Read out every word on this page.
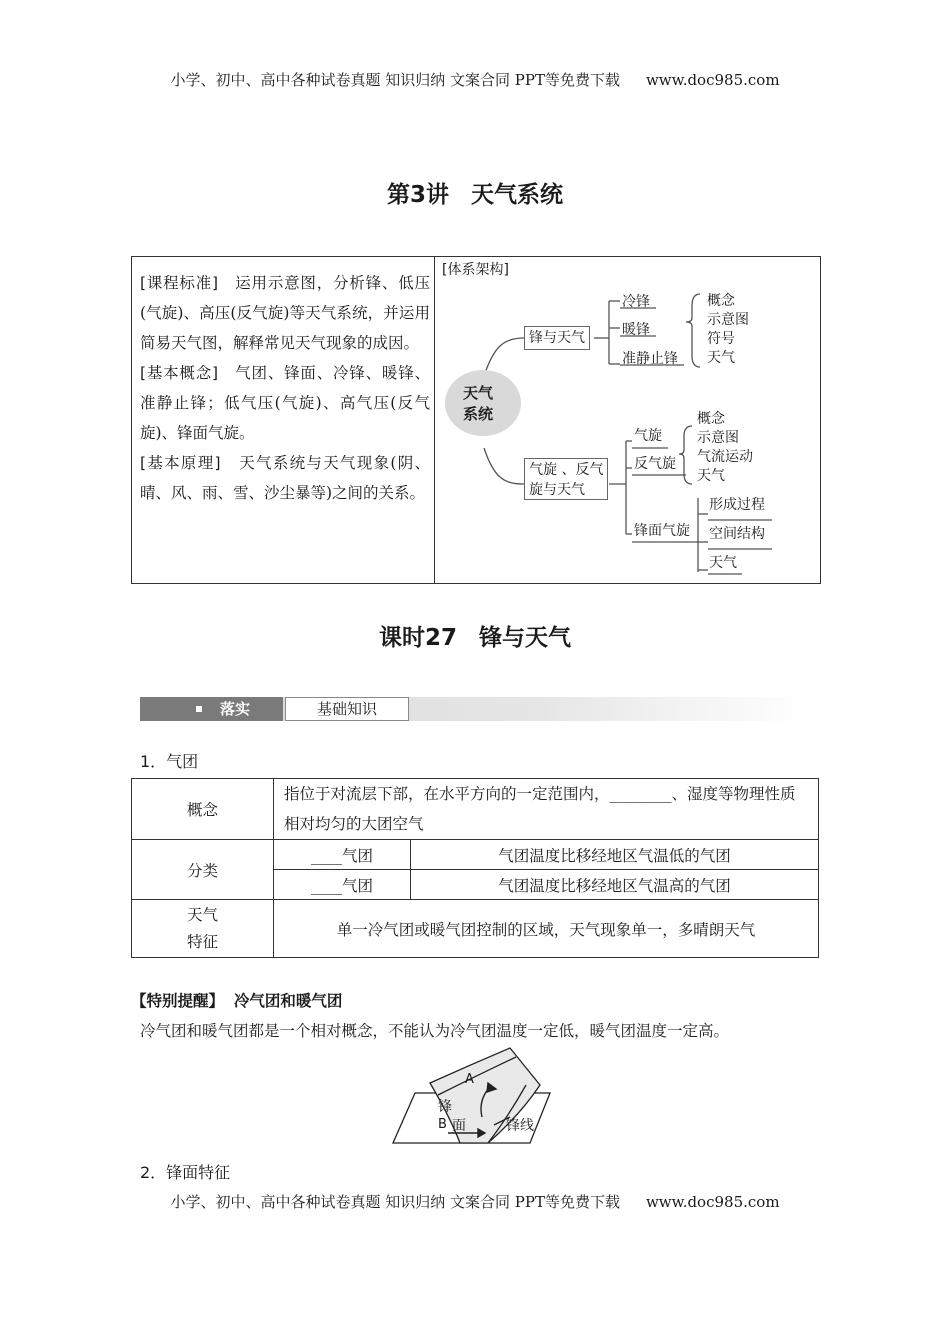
小学、初中、高中各种试卷真题 知识归纳 文案合同 PPT等免费下载 www.doc985.com
第3讲 天气系统

[课程标准] 运用示意图，分析锋、低压(气旋)、高压(反气旋)等天气系统，并运用简易天气图，解释常见天气现象的成因。

[基本概念] 气团、锋面、冷锋、暖锋、准静止锋；低气压(气旋)、高气压(反气旋)、锋面气旋。

[基本原理] 天气系统与天气现象(阴、晴、风、雨、雪、沙尘暴等)之间的关系。

[体系架构]
天气
系统
锋与天气
冷锋
暖锋
准静止锋
概念
示意图
符号
天气
气旋 、反气
旋与天气
气旋
反气旋
锋面气旋
概念
示意图
气流运动
天气
形成过程
空间结构
天气
课时27 锋与天气
落实	基础知识
1．气团
概念	指位于对流层下部，在水平方向的一定范围内，________、湿度等物理性质相对均匀的大团空气	
分类	____气团	气团温度比移经地区气温低的气团
	____气团	气团温度比移经地区气温高的气团

天气
特征	单一冷气团或暖气团控制的区域，天气现象单一，多晴朗天气	
【特别提醒】 冷气团和暖气团
冷气团和暖气团都是一个相对概念，不能认为冷气团温度一定低，暖气团温度一定高。
A
B
锋
面	锋线
2．锋面特征
小学、初中、高中各种试卷真题 知识归纳 文案合同 PPT等免费下载 www.doc985.com
